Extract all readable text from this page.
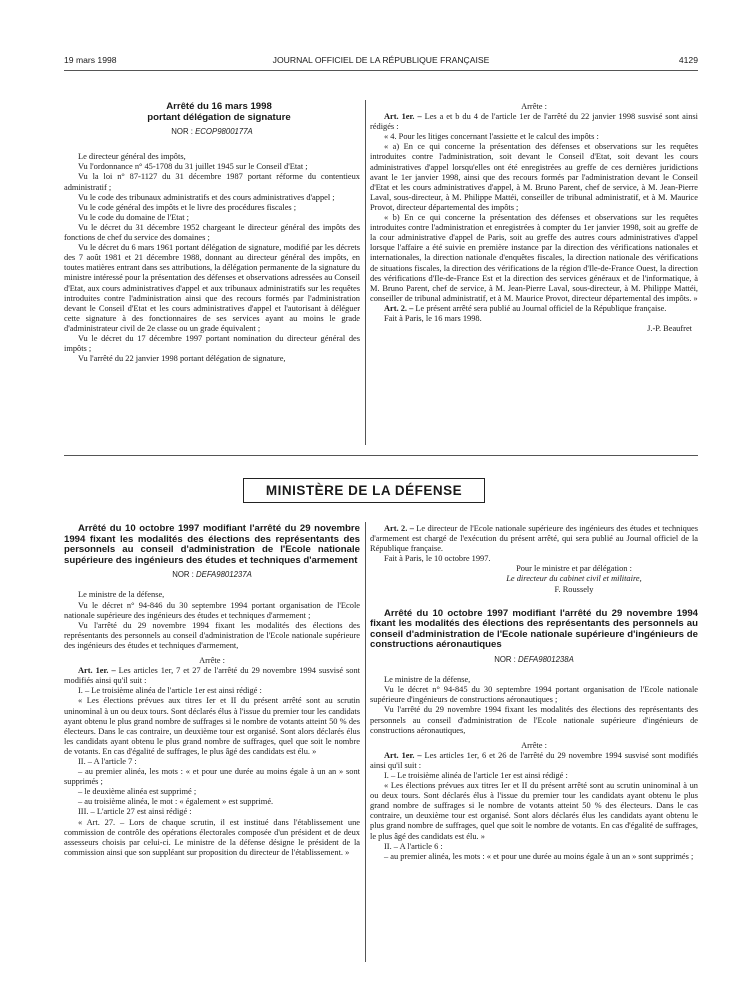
19 mars 1998	JOURNAL OFFICIEL DE LA RÉPUBLIQUE FRANÇAISE	4129

Arrêté du 16 mars 1998

portant délégation de signature

NOR : ECOP9800177A

Le directeur général des impôts,

Vu l'ordonnance n° 45-1708 du 31 juillet 1945 sur le Conseil d'Etat ;

Vu la loi n° 87-1127 du 31 décembre 1987 portant réforme du contentieux administratif ;

Vu le code des tribunaux administratifs et des cours administratives d'appel ;

Vu le code général des impôts et le livre des procédures fiscales ;

Vu le code du domaine de l'Etat ;

Vu le décret du 31 décembre 1952 chargeant le directeur général des impôts des fonctions de chef du service des domaines ;

Vu le décret du 6 mars 1961 portant délégation de signature, modifié par les décrets des 7 août 1981 et 21 décembre 1988, donnant au directeur général des impôts, en toutes matières entrant dans ses attributions, la délégation permanente de la signature du ministre intéressé pour la présentation des défenses et observations adressées au Conseil d'Etat, aux cours administratives d'appel et aux tribunaux administratifs sur les requêtes introduites contre l'administration ainsi que des recours formés par l'administration devant le Conseil d'Etat et les cours administratives d'appel et l'autorisant à déléguer cette signature à des fonctionnaires de ses services ayant au moins le grade d'administrateur civil de 2e classe ou un grade équivalent ;

Vu le décret du 17 décembre 1997 portant nomination du directeur général des impôts ;

Vu l'arrêté du 22 janvier 1998 portant délégation de signature,

Arrête :

Art. 1er. – Les a et b du 4 de l'article 1er de l'arrêté du 22 janvier 1998 susvisé sont ainsi rédigés :

« 4. Pour les litiges concernant l'assiette et le calcul des impôts :

« a) En ce qui concerne la présentation des défenses et observations sur les requêtes introduites contre l'administration, soit devant le Conseil d'Etat, soit devant les cours administratives d'appel lorsqu'elles ont été enregistrées au greffe de ces dernières juridictions avant le 1er janvier 1998, ainsi que des recours formés par l'administration devant le Conseil d'Etat et les cours administratives d'appel, à M. Bruno Parent, chef de service, à M. Jean-Pierre Laval, sous-directeur, à M. Philippe Mattéi, conseiller de tribunal administratif, et à M. Maurice Provot, directeur départemental des impôts ;

« b) En ce qui concerne la présentation des défenses et observations sur les requêtes introduites contre l'administration et enregistrées à compter du 1er janvier 1998, soit au greffe de la cour administrative d'appel de Paris, soit au greffe des autres cours administratives d'appel lorsque l'affaire a été suivie en première instance par la direction des vérifications nationales et internationales, la direction nationale d'enquêtes fiscales, la direction nationale des vérifications de situations fiscales, la direction des vérifications de la région d'Ile-de-France Ouest, la direction des vérifications d'Ile-de-France Est et la direction des services généraux et de l'informatique, à M. Bruno Parent, chef de service, à M. Jean-Pierre Laval, sous-directeur, à M. Philippe Mattéi, conseiller de tribunal administratif, et à M. Maurice Provot, directeur départemental des impôts. »

Art. 2. – Le présent arrêté sera publié au Journal officiel de la République française.

Fait à Paris, le 16 mars 1998.

J.-P. Beaufret

MINISTÈRE DE LA DÉFENSE

Arrêté du 10 octobre 1997 modifiant l'arrêté du 29 novembre 1994 fixant les modalités des élections des représentants des personnels au conseil d'administration de l'Ecole nationale supérieure des ingénieurs des études et techniques d'armement

NOR : DEFA9801237A

Le ministre de la défense,

Vu le décret n° 94-846 du 30 septembre 1994 portant organisation de l'Ecole nationale supérieure des ingénieurs des études et techniques d'armement ;

Vu l'arrêté du 29 novembre 1994 fixant les modalités des élections des représentants des personnels au conseil d'administration de l'Ecole nationale supérieure des ingénieurs des études et techniques d'armement,

Arrête :

Art. 1er. – Les articles 1er, 7 et 27 de l'arrêté du 29 novembre 1994 susvisé sont modifiés ainsi qu'il suit :

I. – Le troisième alinéa de l'article 1er est ainsi rédigé :

« Les élections prévues aux titres Ier et II du présent arrêté sont au scrutin uninominal à un ou deux tours. Sont déclarés élus à l'issue du premier tour les candidats ayant obtenu le plus grand nombre de suffrages si le nombre de votants atteint 50 % des électeurs. Dans le cas contraire, un deuxième tour est organisé. Sont alors déclarés élus les candidats ayant obtenu le plus grand nombre de suffrages, quel que soit le nombre de votants. En cas d'égalité de suffrages, le plus âgé des candidats est élu. »

II. – A l'article 7 :

– au premier alinéa, les mots : « et pour une durée au moins égale à un an » sont supprimés ;

– le deuxième alinéa est supprimé ;

– au troisième alinéa, le mot : « également » est supprimé.

III. – L'article 27 est ainsi rédigé :

« Art. 27. – Lors de chaque scrutin, il est institué dans l'établissement une commission de contrôle des opérations électorales composée d'un président et de deux assesseurs choisis par celui-ci. Le ministre de la défense désigne le président de la commission ainsi que son suppléant sur proposition du directeur de l'établissement. »

Art. 2. – Le directeur de l'Ecole nationale supérieure des ingénieurs des études et techniques d'armement est chargé de l'exécution du présent arrêté, qui sera publié au Journal officiel de la République française.

Fait à Paris, le 10 octobre 1997.

Pour le ministre et par délégation :

Le directeur du cabinet civil et militaire,

F. Roussely

Arrêté du 10 octobre 1997 modifiant l'arrêté du 29 novembre 1994 fixant les modalités des élections des représentants des personnels au conseil d'administration de l'Ecole nationale supérieure d'ingénieurs de constructions aéronautiques

NOR : DEFA9801238A

Le ministre de la défense,

Vu le décret n° 94-845 du 30 septembre 1994 portant organisation de l'Ecole nationale supérieure d'ingénieurs de constructions aéronautiques ;

Vu l'arrêté du 29 novembre 1994 fixant les modalités des élections des représentants des personnels au conseil d'administration de l'Ecole nationale supérieure d'ingénieurs de constructions aéronautiques,

Arrête :

Art. 1er. – Les articles 1er, 6 et 26 de l'arrêté du 29 novembre 1994 susvisé sont modifiés ainsi qu'il suit :

I. – Le troisième alinéa de l'article 1er est ainsi rédigé :

« Les élections prévues aux titres Ier et II du présent arrêté sont au scrutin uninominal à un ou deux tours. Sont déclarés élus à l'issue du premier tour les candidats ayant obtenu le plus grand nombre de suffrages si le nombre de votants atteint 50 % des électeurs. Dans le cas contraire, un deuxième tour est organisé. Sont alors déclarés élus les candidats ayant obtenu le plus grand nombre de suffrages, quel que soit le nombre de votants. En cas d'égalité de suffrages, le plus âgé des candidats est élu. »

II. – A l'article 6 :

– au premier alinéa, les mots : « et pour une durée au moins égale à un an » sont supprimés ;
